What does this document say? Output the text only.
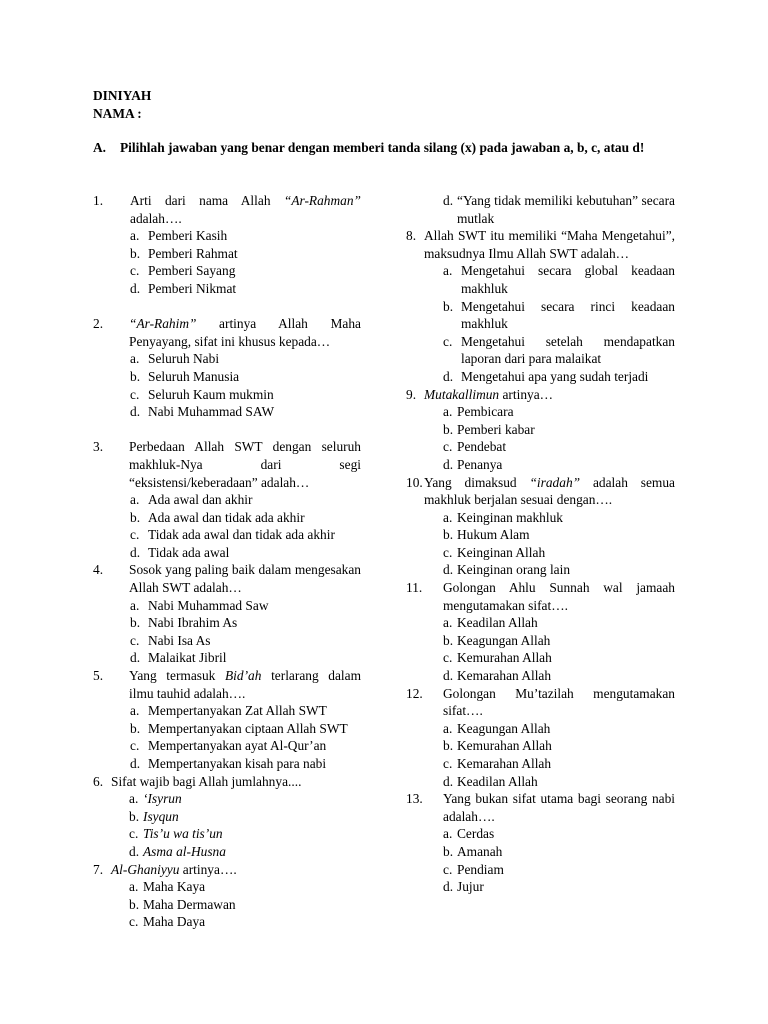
DINIYAH
NAMA :
A. Pilihlah jawaban yang benar dengan memberi tanda silang (x) pada jawaban a, b, c, atau d!
1. Arti dari nama Allah “Ar-Rahman” adalah….
a. Pemberi Kasih
b. Pemberi Rahmat
c. Pemberi Sayang
d. Pemberi Nikmat
2. “Ar-Rahim” artinya Allah Maha Penyayang, sifat ini khusus kepada…
a. Seluruh Nabi
b. Seluruh Manusia
c. Seluruh Kaum mukmin
d. Nabi Muhammad SAW
3. Perbedaan Allah SWT dengan seluruh makhluk-Nya dari segi “eksistensi/keberadaan” adalah…
a. Ada awal dan akhir
b. Ada awal dan tidak ada akhir
c. Tidak ada awal dan tidak ada akhir
d. Tidak ada awal
4. Sosok yang paling baik dalam mengesakan Allah SWT adalah…
a. Nabi Muhammad Saw
b. Nabi Ibrahim As
c. Nabi Isa As
d. Malaikat Jibril
5. Yang termasuk Bid’ah terlarang dalam ilmu tauhid adalah….
a. Mempertanyakan Zat Allah SWT
b. Mempertanyakan ciptaan Allah SWT
c. Mempertanyakan ayat Al-Qur’an
d. Mempertanyakan kisah para nabi
6. Sifat wajib bagi Allah jumlahnya....
a. ‘Isyrun
b. Isyqun
c. Tis’u wa tis’un
d. Asma al-Husna
7. Al-Ghaniyyu artinya….
a. Maha Kaya
b. Maha Dermawan
c. Maha Daya
d. “Yang tidak memiliki kebutuhan” secara mutlak
8. Allah SWT itu memiliki “Maha Mengetahui”, maksudnya Ilmu Allah SWT adalah…
a. Mengetahui secara global keadaan makhluk
b. Mengetahui secara rinci keadaan makhluk
c. Mengetahui setelah mendapatkan laporan dari para malaikat
d. Mengetahui apa yang sudah terjadi
9. Mutakallimun artinya…
a. Pembicara
b. Pemberi kabar
c. Pendebat
d. Penanya
10. Yang dimaksud “iradah” adalah semua makhluk berjalan sesuai dengan….
a. Keinginan makhluk
b. Hukum Alam
c. Keinginan Allah
d. Keinginan orang lain
11. Golongan Ahlu Sunnah wal jamaah mengutamakan sifat….
a. Keadilan Allah
b. Keagungan Allah
c. Kemurahan Allah
d. Kemarahan Allah
12. Golongan Mu’tazilah mengutamakan sifat….
a. Keagungan Allah
b. Kemurahan Allah
c. Kemarahan Allah
d. Keadilan Allah
13. Yang bukan sifat utama bagi seorang nabi adalah….
a. Cerdas
b. Amanah
c. Pendiam
d. Jujur
